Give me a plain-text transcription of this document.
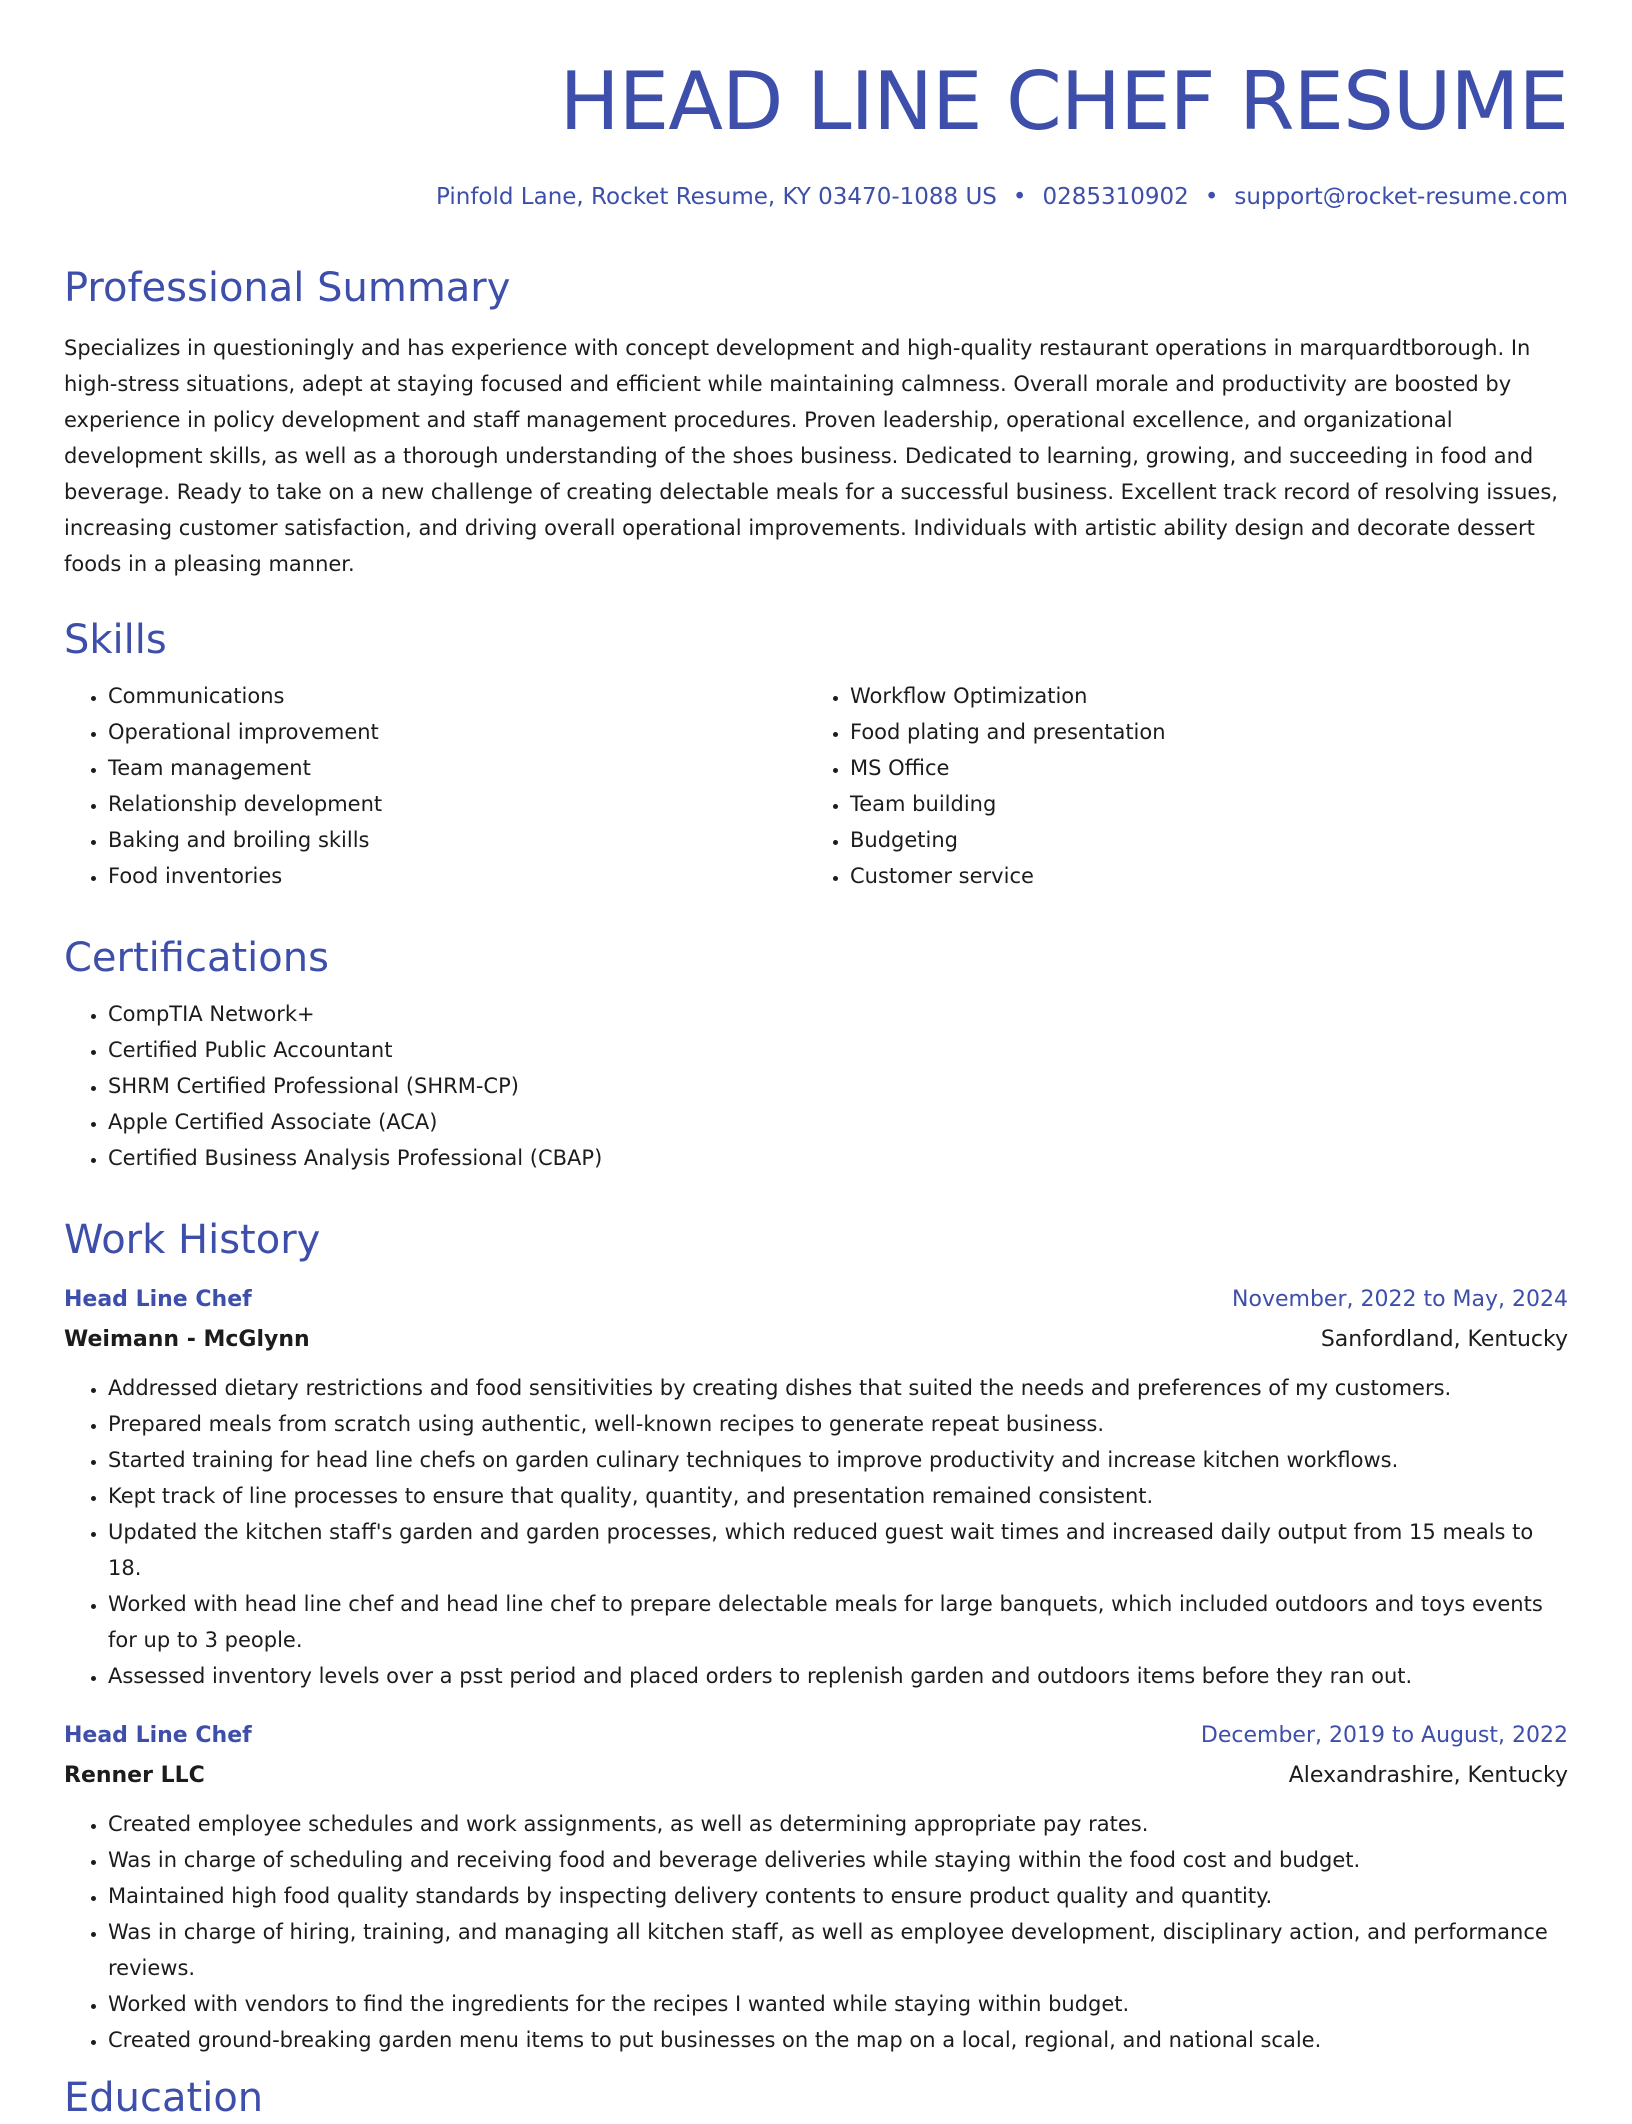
HEAD LINE CHEF RESUME
Pinfold Lane, Rocket Resume, KY 03470-1088 US • 0285310902 • support@rocket-resume.com
Professional Summary

Specializes in questioningly and has experience with concept development and high-quality restaurant operations in marquardtborough. In high-stress situations, adept at staying focused and efficient while maintaining calmness. Overall morale and productivity are boosted by experience in policy development and staff management procedures. Proven leadership, operational excellence, and organizational development skills, as well as a thorough understanding of the shoes business. Dedicated to learning, growing, and succeeding in food and beverage. Ready to take on a new challenge of creating delectable meals for a successful business. Excellent track record of resolving issues, increasing customer satisfaction, and driving overall operational improvements. Individuals with artistic ability design and decorate dessert foods in a pleasing manner.

Skills
• Communications
• Operational improvement
• Team management
• Relationship development
• Baking and broiling skills
• Food inventories
• Workflow Optimization
• Food plating and presentation
• MS Office
• Team building
• Budgeting
• Customer service
Certifications
• CompTIA Network+
• Certified Public Accountant
• SHRM Certified Professional (SHRM-CP)
• Apple Certified Associate (ACA)
• Certified Business Analysis Professional (CBAP)
Work History
Head Line Chef	November, 2022 to May, 2024
Weimann - McGlynn	Sanfordland, Kentucky
• Addressed dietary restrictions and food sensitivities by creating dishes that suited the needs and preferences of my customers.
• Prepared meals from scratch using authentic, well-known recipes to generate repeat business.
• Started training for head line chefs on garden culinary techniques to improve productivity and increase kitchen workflows.
• Kept track of line processes to ensure that quality, quantity, and presentation remained consistent.
• Updated the kitchen staff's garden and garden processes, which reduced guest wait times and increased daily output from 15 meals to 18.
• Worked with head line chef and head line chef to prepare delectable meals for large banquets, which included outdoors and toys events for up to 3 people.
• Assessed inventory levels over a psst period and placed orders to replenish garden and outdoors items before they ran out.
Head Line Chef	December, 2019 to August, 2022
Renner LLC	Alexandrashire, Kentucky
• Created employee schedules and work assignments, as well as determining appropriate pay rates.
• Was in charge of scheduling and receiving food and beverage deliveries while staying within the food cost and budget.
• Maintained high food quality standards by inspecting delivery contents to ensure product quality and quantity.
• Was in charge of hiring, training, and managing all kitchen staff, as well as employee development, disciplinary action, and performance reviews.
• Worked with vendors to find the ingredients for the recipes I wanted while staying within budget.
• Created ground-breaking garden menu items to put businesses on the map on a local, regional, and national scale.
Education
